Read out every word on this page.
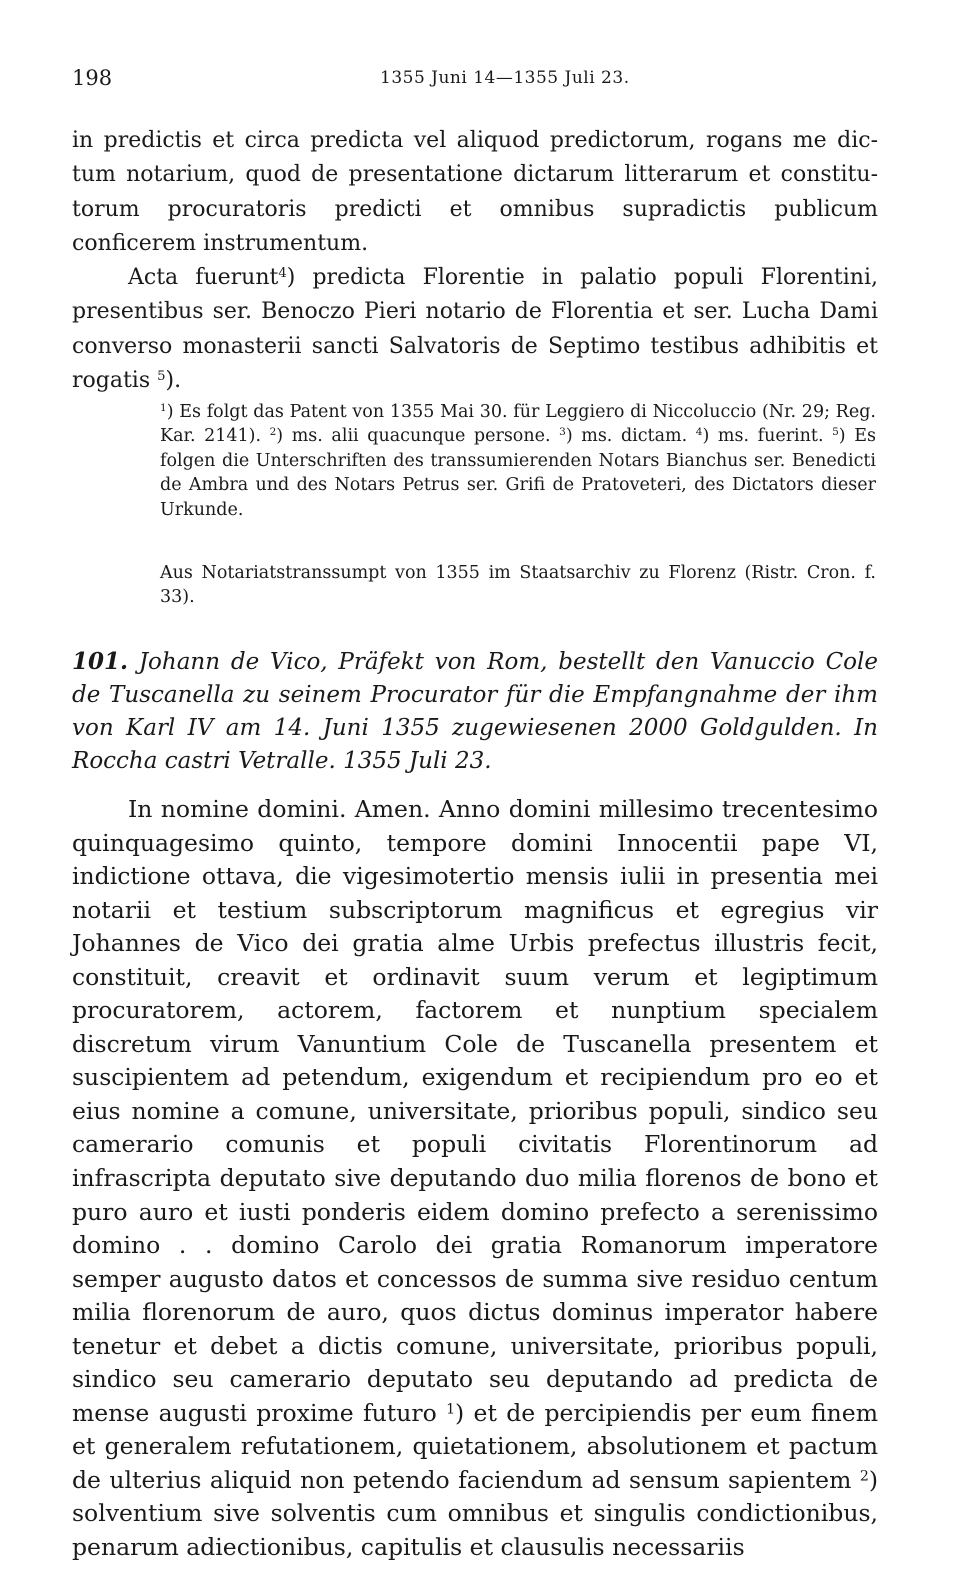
198	1355 Juni 14—1355 Juli 23.

in predictis et circa predicta vel aliquod predictorum, rogans me dictum notarium, quod de presentatione dictarum litterarum et constitutorum procuratoris predicti et omnibus supradictis publicum conficerem instrumentum.

Acta fuerunt$^4$) predicta Florentie in palatio populi Florentini, presentibus ser. Benoczo Pieri notario de Florentia et ser. Lucha Dami converso monasterii sancti Salvatoris de Septimo testibus adhibitis et rogatis $^5$).

$^1$) Es folgt das Patent von 1355 Mai 30. für Leggiero di Niccoluccio (Nr. 29; Reg. Kar. 2141). $^2$) ms. alii quacunque persone. $^3$) ms. dictam. $^4$) ms. fuerint. $^5$) Es folgen die Unterschriften des transsumierenden Notars Bianchus ser. Benedicti de Ambra und des Notars Petrus ser. Grifi de Pratoveteri, des Dictators dieser Urkunde.

Aus Notariatstranssumpt von 1355 im Staatsarchiv zu Florenz (Ristr. Cron. f. 33).

101. Johann de Vico, Präfekt von Rom, bestellt den Vanuccio Cole de Tuscanella zu seinem Procurator für die Empfangnahme der ihm von Karl IV am 14. Juni 1355 zugewiesenen 2000 Goldgulden. In Roccha castri Vetralle. 1355 Juli 23.

In nomine domini. Amen. Anno domini millesimo trecentesimo quinquagesimo quinto, tempore domini Innocentii pape VI, indictione ottava, die vigesimotertio mensis iulii in presentia mei notarii et testium subscriptorum magnificus et egregius vir Johannes de Vico dei gratia alme Urbis prefectus illustris fecit, constituit, creavit et ordinavit suum verum et legiptimum procuratorem, actorem, factorem et nunptium specialem discretum virum Vanuntium Cole de Tuscanella presentem et suscipientem ad petendum, exigendum et recipiendum pro eo et eius nomine a comune, universitate, prioribus populi, sindico seu camerario comunis et populi civitatis Florentinorum ad infrascripta deputato sive deputando duo milia florenos de bono et puro auro et iusti ponderis eidem domino prefecto a serenissimo domino . . domino Carolo dei gratia Romanorum imperatore semper augusto datos et concessos de summa sive residuo centum milia florenorum de auro, quos dictus dominus imperator habere tenetur et debet a dictis comune, universitate, prioribus populi, sindico seu camerario deputato seu deputando ad predicta de mense augusti proxime futuro $^1$) et de percipiendis per eum finem et generalem refutationem, quietationem, absolutionem et pactum de ulterius aliquid non petendo faciendum ad sensum sapientem $^2$) solventium sive solventis cum omnibus et singulis condictionibus, penarum adiectionibus, capitulis et clausulis necessariis
